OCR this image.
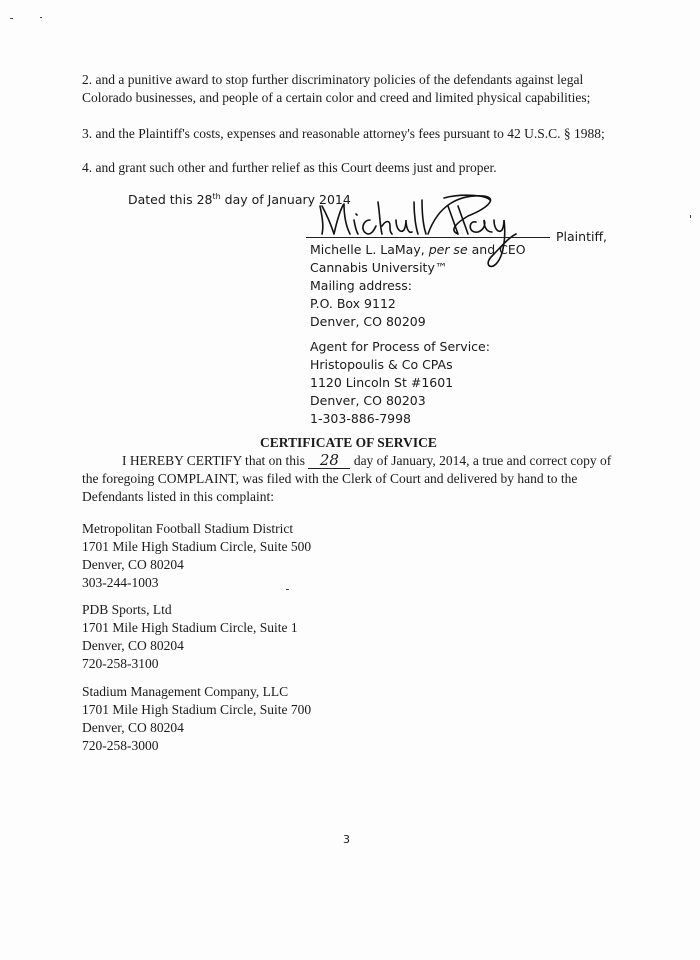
2. and a punitive award to stop further discriminatory policies of the defendants against legal
Colorado businesses, and people of a certain color and creed and limited physical capabilities;
3. and the Plaintiff's costs, expenses and reasonable attorney's fees pursuant to 42 U.S.C. § 1988;
4. and grant such other and further relief as this Court deems just and proper.
Dated this 28th day of January 2014
Plaintiff,
Michelle L. LaMay, per se and CEO
Cannabis University™
Mailing address:
P.O. Box 9112
Denver, CO 80209
Agent for Process of Service:
Hristopoulis & Co CPAs
1120 Lincoln St #1601
Denver, CO 80203
1-303-886-7998
CERTIFICATE OF SERVICE
I HEREBY CERTIFY that on this 28 day of January, 2014, a true and correct copy of
the foregoing COMPLAINT, was filed with the Clerk of Court and delivered by hand to the
Defendants listed in this complaint:
Metropolitan Football Stadium District
1701 Mile High Stadium Circle, Suite 500
Denver, CO 80204
303-244-1003
PDB Sports, Ltd
1701 Mile High Stadium Circle, Suite 1
Denver, CO 80204
720-258-3100
Stadium Management Company, LLC
1701 Mile High Stadium Circle, Suite 700
Denver, CO 80204
720-258-3000
3
